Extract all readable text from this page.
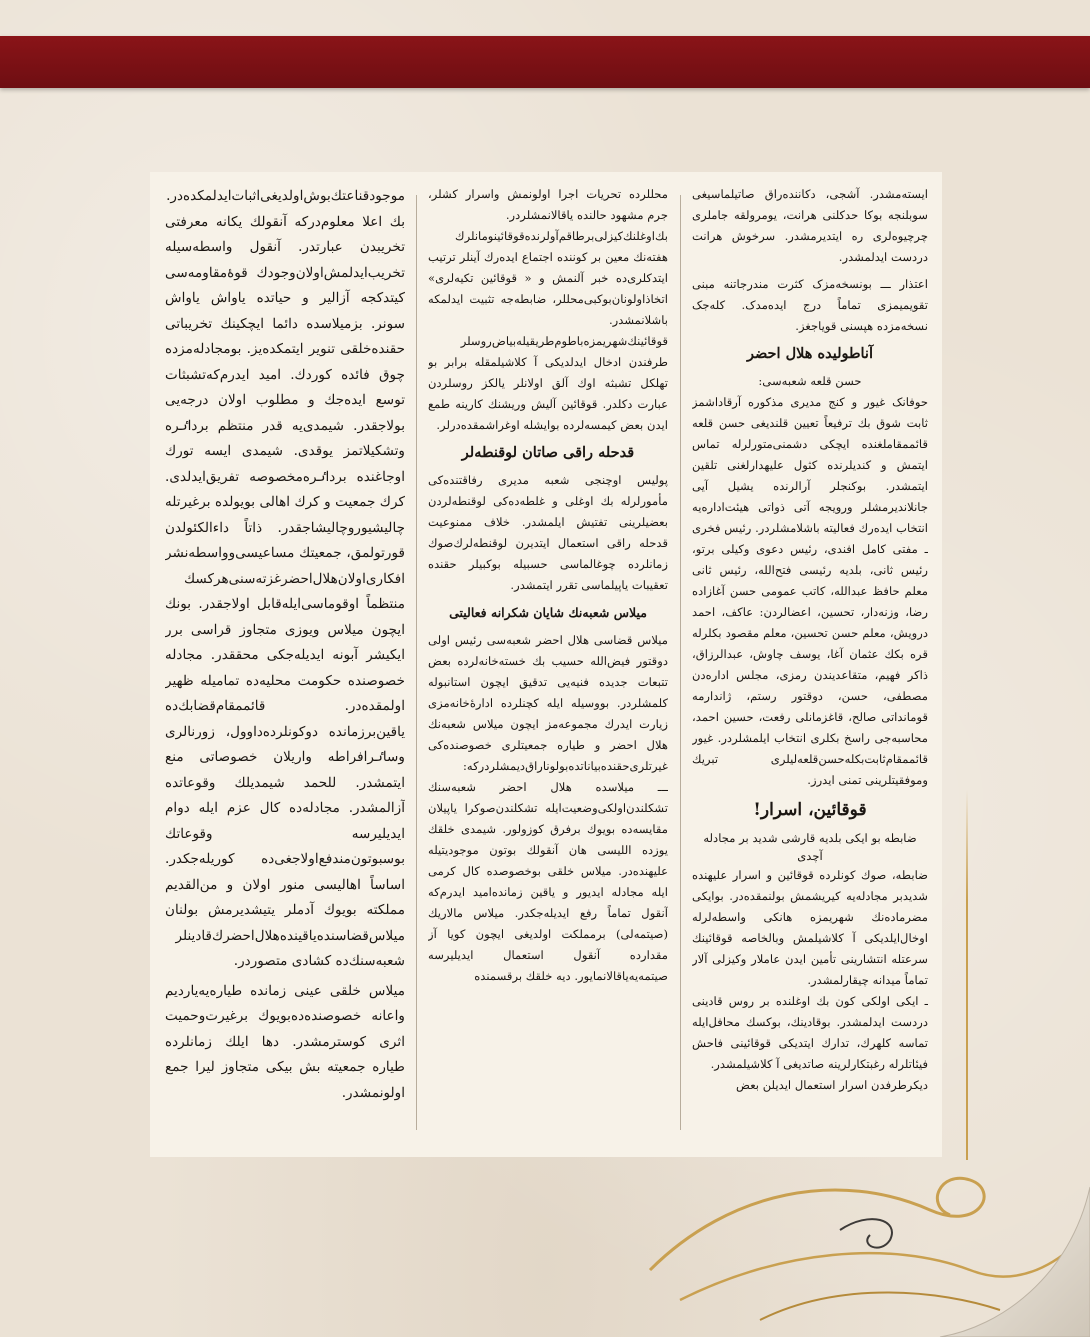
ایسته‌مشدر. آشجی، دکاننده‌راق صاتیلماسیغی سوبلنجه بوکا حدکلنی هرانت، یومرولقه جاملری چرچیوه‌لری ره ایتدیرمشدر. سرخوش هرانت دردست ایدلمشدر.

اعتذار ـــ بونسخه‌مزک کثرت مندرجاتنه مبنی تقویمیمزی تماماً درج ایده‌مدک. کله‌جک نسخه‌مزده هپسنی قویاجغز.

آناطولیده هلال احضر

حسن قلعه شعبه‌سی:

حوفانک غیور و کنج مدیری مذکوره آرقاداشمز ثابت شوق بك ترفیعاً تعیین قلندیغی حسن قلعه قائممقاملغنده ایچکی دشمنی‌متورلرله تماس ایتمش و کندیلرنده کثول علیهدارلغنی تلقین ایتمشدر. بوکنجلر آرالرنده یشیل آیی جانلاندیرمشلر ورویجه آتی ذواتی هیئت‌اداره‌یه انتخاب ایده‌رك فعالیته باشلامشلردر. رئیس فخری ـ مفتی کامل افندی، رئیس دعوی وکیلی برتو، رئیس ثانی، بلدیه رئیسی فتح‌الله، رئیس ثانی معلم حافظ عبدالله، کاتب عمومی حسن آغازاده رضا، وزنه‌دار، تحسین، اعضالردن: عاکف، احمد درویش، معلم حسن تحسین، معلم مقصود بکلرله قره بکك عثمان آغا، یوسف چاوش، عبدالرزاق، ذاکر فهیم، متقاعدیندن رمزی، مجلس اداره‌دن مصطفی، حسن، دوقتور رستم، ژاندارمه قومانداتی صالح، قاغزمانلی رفعت، حسین احمد، محاسبه‌جی راسخ بکلری انتخاب ایلمشلردر. غیور قائممقام‌ثابت‌بکله‌حسن‌قلعه‌لیلری تبریك وموفقیتلرینی تمنی ایدرز.

قوقائین، اسرار!
ضابطه بو ایکی بلدیه قارشی شدید بر مجادله آچدی

ضابطه، صوك کونلرده قوقائین و اسرار علیهنده شدیدبر مجادله‌یه کیریشمش بولنمقده‌در. بوایکی مضرماده‌نك شهریمزه هانکی واسطه‌لرله اوخال‌ایلدیکی آ کلاشیلمش وبالخاصه قوقائینك سرعتله انتشارینی تأمین ایدن عاملار وکیزلی آلار تماماً میدانه چیقارلمشدر.

ـ ایکی اولکی کون بك اوغلنده بر روس قادینی دردست ایدلمشدر. بوقادینك، بوکسك محافل‌ایله تماسه کلهرك، تدارك ایتدیکی قوقائینی فاحش فیئاتلرله رغبتکارلرینه صاتدیغی آ کلاشیلمشدر.

دیکرطرفدن اسرار استعمال ایدیلن بعض

محللرده تحریات اجرا اولونمش واسرار کشلر، جرم مشهود حالنده یاقالانمشلردر.

بك‌اوغلنك‌کیزلی‌برطاقم‌آولرنده‌قوقائینومانلرك هفته‌نك معین بر کوننده اجتماع ایده‌رك آینلر ترتیب ایتدکلری‌ده خبر آلنمش و « قوقائین تکیه‌لری» اتخاذاولونان‌بوکبی‌محللر، ضابطه‌جه تثبیت ایدلمکه باشلانمشدر.

قوقائینك‌شهریمزه‌باطوم‌طریقیله‌بیاض‌روسلر طرفندن ادخال ایدلدیکی آ کلاشیلمقله برابر بو تهلکل تشبثه اوك آلق اولانلر یالکز روسلردن عبارت دکلدر. قوقائین آلیش وریشنك کارینه طمع ایدن بعض کیمسه‌لرده بوایشله اوغراشمقده‌درلر.

قدحله راقی صاتان لوقنطه‌لر

پولیس اوچنجی شعبه مدیری رفاقتنده‌کی مأمورلرله بك اوغلی و غلطه‌ده‌کی لوقنطه‌لردن بعضیلرینی تفتیش ایلمشدر. خلاف ممنوعیت قدحله راقی استعمال ایتدیرن لوقنطه‌لرك‌صوك زمانلرده چوغالماسی حسبیله بوکبیلر حقنده تعقیبات یاپیلماسی تقرر ایتمشدر.

میلاس شعبه‌نك شایان شکرانه فعالیتی

میلاس قضاسی هلال احضر شعبه‌سی رئیس اولی دوقتور فیض‌الله حسیب بك خسته‌خانه‌لرده بعض تتبعات جدیده فنیه‌یی تدقیق ایچون استانبوله کلمشلردر. بووسیله ایله کچنلرده ادارهٔ‌خانه‌مزی زیارت ایدرك مجموعه‌مز ایچون میلاس شعبه‌نك هلال احضر و طیاره جمعیتلری خصوصنده‌کی غیرتلری‌حقنده‌بیاناتده‌بولوناراق‌دیمشلردرکه:

ـــ میلاسده هلال احضر شعبه‌سنك تشکلندن‌اولکی‌وضعیت‌ایله تشکلندن‌صوکرا یاپیلان مقایسه‌ده بویوك برفرق کوزولور. شیمدی خلقك یوزده اللیسی هان آنقولك بوتون موجودیتیله علیهنده‌در. میلاس خلقی بوخصوصده کال کرمی ایله مجادله ایدیور و یاقین زمانده‌امید ایدرم‌که آنقول تماماً رفع ایدیله‌جکدر. میلاس مالاریك (صیتمه‌لی) برمملکت اولدیغی ایچون کویا آز مقدارده آنقول استعمال ایدیلیرسه صیتمه‌یه‌یاقالانمایور. دیه خلقك برقسمنده

موجودقناعتك‌بوش‌اولدیغی‌اثبات‌ایدلمکده‌در. بك اعلا معلوم‌درکه آنقولك یکانه معرفتی تخریبدن عبارتدر. آنقول واسطه‌سیله تخریب‌ایدلمش‌اولان‌وجودك قوهٔ‌مقاومه‌سی کیتدکجه آزالیر و حیاتده یاواش یاواش سونر. بزمیلاسده دائما ایچکینك تخریباتی حقنده‌خلقی تنویر ایتمکده‌یز. بومجادله‌مزده چوق فائده کوردك. امید ایدرم‌که‌تشبثات توسع ایده‌جك و مطلوب اولان درجه‌یی بولاجقدر. شیمدی‌یه قدر منتظم برداٸره وتشکیلاتمز یوقدی. شیمدی ایسه تورك اوجاغنده برداٸره‌مخصوصه تفریق‌ایدلدی. کرك جمعیت و کرك اهالی بویولده برغیرتله چالیشیور‌وچالیشاجقدر. ذاتاً داءالکئولدن قورتولمق، جمعیتك مساعیسی‌وواسطه‌نشر افکاری‌اولان‌هلال‌احضر‌غزته‌سنی‌هر‌کسك منتظماً اوقوماسی‌ایله‌قابل اولاجقدر. بونك ایچون میلاس ویوزی متجاوز قراسی برر ایکیشر آبونه ایدیله‌جکی محققدر. مجادله خصوصنده حکومت محلیه‌ده تماميله ظهیر اولمقده‌در. قائممقام‌قضابك‌ده یاقین‌برزمانده دوکونلرده‌داوول، زورنالری وساٸرافراطه واریلان خصوصاتی منع ایتمشدر. للحمد شیمدیلك وقوعاتده آزالمشدر. مجادله‌ده کال عزم ایله دوام ایدیلیرسه وقوعاتك بوسبوتون‌مندفع‌اولاجغی‌ده کوریله‌جکدر. اساساً اهالیسی منور اولان و من‌القدیم مملکته بویوك آدملر یتیشدیرمش بولنان میلاس‌قضاسنده‌یاقینده‌هلال‌احضرك‌قادینلر شعبه‌سنك‌ده کشادی متصوردر.

میلاس خلقی عینی زمانده طیاره‌یه‌یاردیم واعانه خصوصنده‌ده‌بویوك برغیرت‌وحمیت اثری کوسترمشدر. دها ایلك زمانلرده طیاره جمعیته بش بیکی متجاوز لیرا جمع اولونمشدر.
